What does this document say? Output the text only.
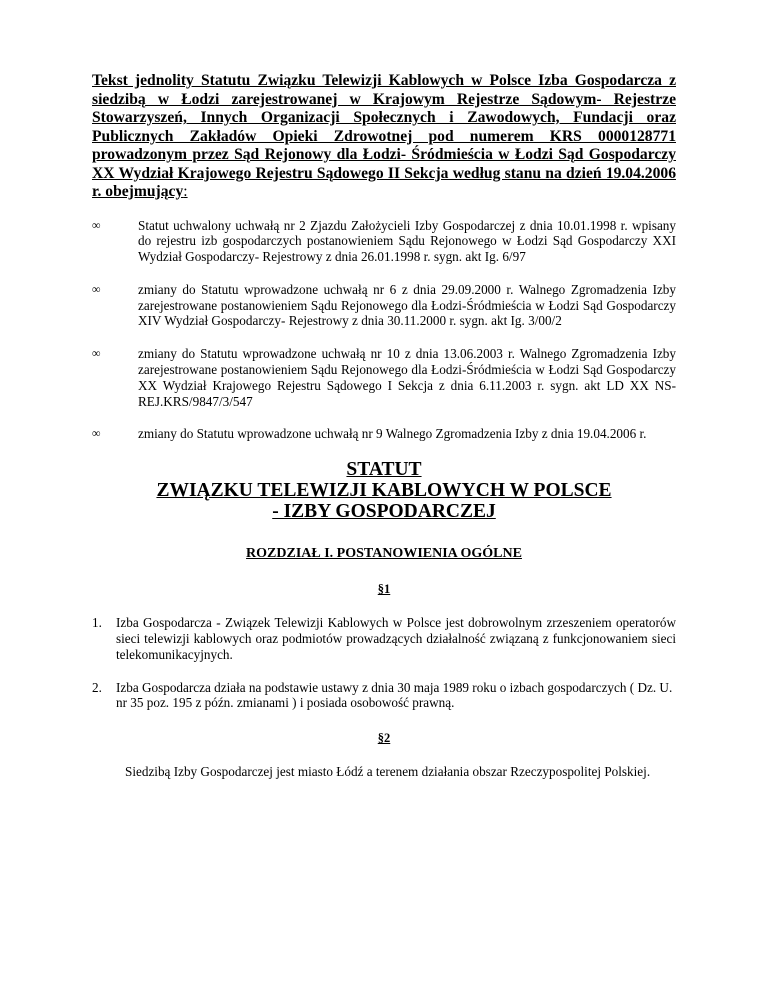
Tekst jednolity Statutu Związku Telewizji Kablowych w Polsce Izba Gospodarcza z siedzibą w Łodzi zarejestrowanej w Krajowym Rejestrze Sądowym- Rejestrze Stowarzyszeń, Innych Organizacji Społecznych i Zawodowych, Fundacji oraz Publicznych Zakładów Opieki Zdrowotnej pod numerem KRS 0000128771 prowadzonym przez Sąd Rejonowy dla Łodzi- Śródmieścia w Łodzi Sąd Gospodarczy XX Wydział Krajowego Rejestru Sądowego II Sekcja według stanu na dzień 19.04.2006 r. obejmujący:
∞	Statut uchwalony uchwałą nr 2 Zjazdu Założycieli Izby Gospodarczej z dnia 10.01.1998 r. wpisany do rejestru izb gospodarczych postanowieniem Sądu Rejonowego w Łodzi Sąd Gospodarczy XXI Wydział Gospodarczy- Rejestrowy z dnia 26.01.1998 r. sygn. akt Ig. 6/97
∞	zmiany do Statutu wprowadzone uchwałą nr 6 z dnia 29.09.2000 r. Walnego Zgromadzenia Izby zarejestrowane postanowieniem Sądu Rejonowego dla Łodzi-Śródmieścia w Łodzi Sąd Gospodarczy XIV Wydział Gospodarczy- Rejestrowy z dnia 30.11.2000 r. sygn. akt Ig. 3/00/2
∞	zmiany do Statutu wprowadzone uchwałą nr 10 z dnia 13.06.2003 r. Walnego Zgromadzenia Izby zarejestrowane postanowieniem Sądu Rejonowego dla Łodzi-Śródmieścia w Łodzi Sąd Gospodarczy XX Wydział Krajowego Rejestru Sądowego I Sekcja z dnia 6.11.2003 r. sygn. akt LD XX NS-REJ.KRS/9847/3/547
∞	zmiany do Statutu wprowadzone uchwałą nr 9 Walnego Zgromadzenia Izby z dnia 19.04.2006 r.
STATUT
ZWIĄZKU TELEWIZJI KABLOWYCH W POLSCE
- IZBY GOSPODARCZEJ
ROZDZIAŁ I. POSTANOWIENIA OGÓLNE
§1
1. Izba Gospodarcza - Związek Telewizji Kablowych w Polsce jest dobrowolnym zrzeszeniem operatorów sieci telewizji kablowych oraz podmiotów prowadzących działalność związaną z funkcjonowaniem sieci telekomunikacyjnych.
2. Izba Gospodarcza działa na podstawie ustawy z dnia 30 maja 1989 roku o izbach gospodarczych ( Dz. U. nr 35 poz. 195 z późn. zmianami ) i posiada osobowość prawną.
§2
Siedzibą Izby Gospodarczej jest miasto Łódź a terenem działania obszar Rzeczypospolitej Polskiej.
